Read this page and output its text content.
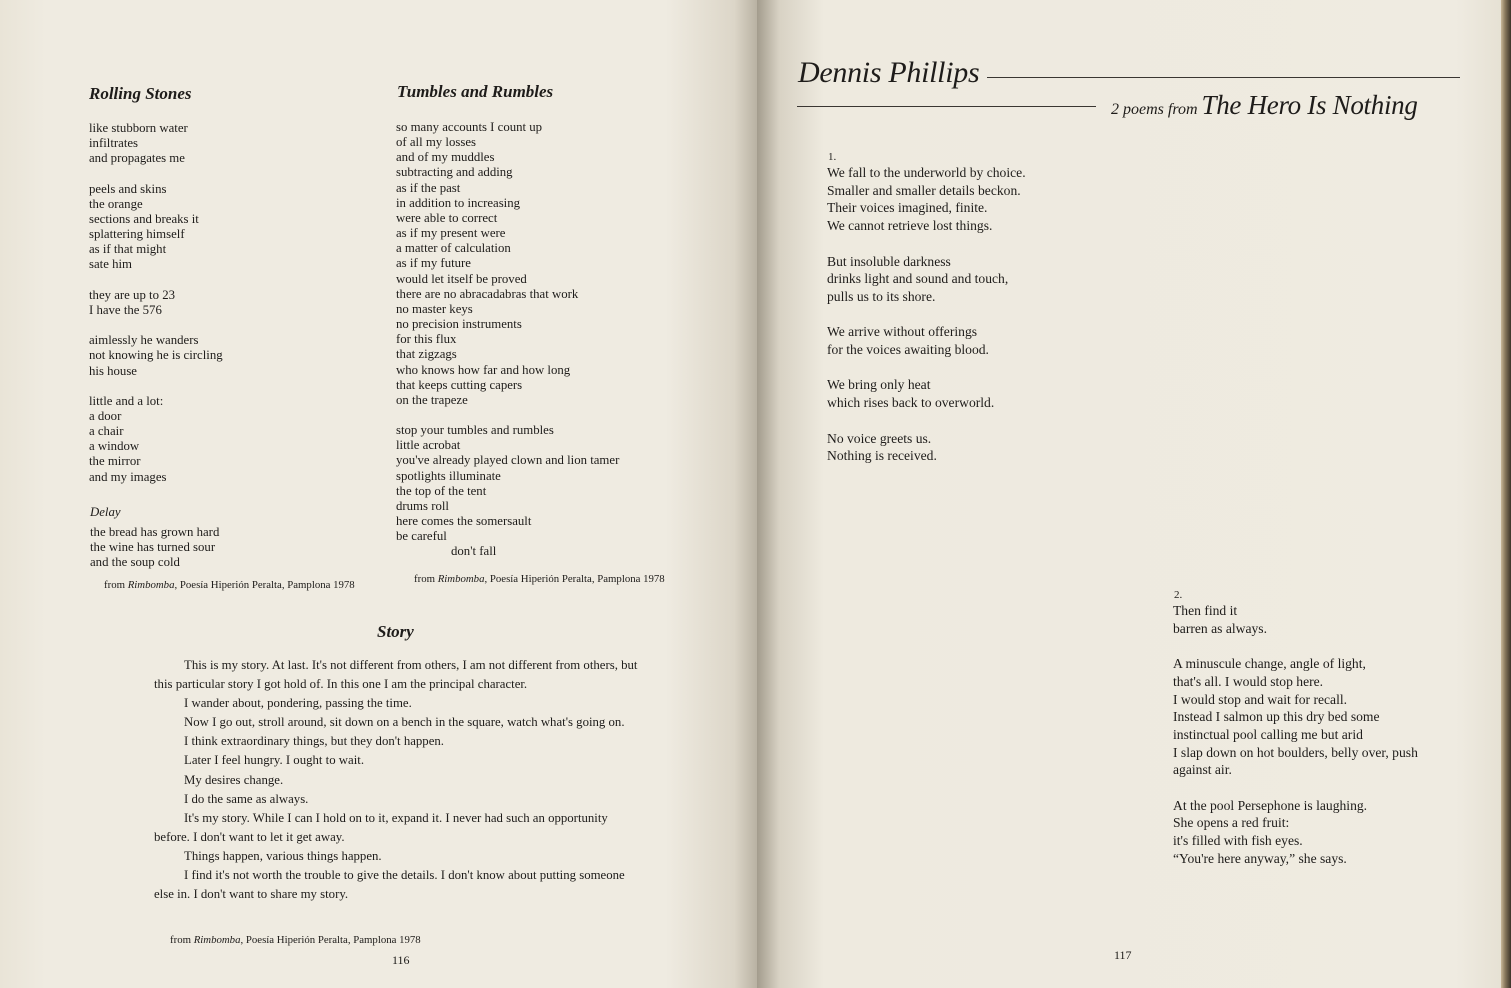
Rolling Stones
like stubborn water
infiltrates
and propagates me

peels and skins
the orange
sections and breaks it
splattering himself
as if that might
sate him

they are up to 23
I have the 576

aimlessly he wanders
not knowing he is circling
his house

little and a lot:
a door
a chair
a window
the mirror
and my images
Delay
the bread has grown hard
the wine has turned sour
and the soup cold
from Rimbomba, Poesía Hiperión Peralta, Pamplona 1978
Tumbles and Rumbles
so many accounts I count up
of all my losses
and of my muddles
subtracting and adding
as if the past
in addition to increasing
were able to correct
as if my present were
a matter of calculation
as if my future
would let itself be proved
there are no abracadabras that work
no master keys
no precision instruments
for this flux
that zigzags
who knows how far and how long
that keeps cutting capers
on the trapeze

stop your tumbles and rumbles
little acrobat
you've already played clown and lion tamer
spotlights illuminate
the top of the tent
drums roll
here comes the somersault
be careful
don't fall
from Rimbomba, Poesía Hiperión Peralta, Pamplona 1978
Story

This is my story. At last. It's not different from others, I am not different from others, but this particular story I got hold of. In this one I am the principal character.

I wander about, pondering, passing the time.

Now I go out, stroll around, sit down on a bench in the square, watch what's going on.

I think extraordinary things, but they don't happen.

Later I feel hungry. I ought to wait.

My desires change.

I do the same as always.

It's my story. While I can I hold on to it, expand it. I never had such an opportunity before. I don't want to let it get away.

Things happen, various things happen.

I find it's not worth the trouble to give the details. I don't know about putting someone else in. I don't want to share my story.

from Rimbomba, Poesía Hiperión Peralta, Pamplona 1978
116
Dennis Phillips
2 poems from The Hero Is Nothing
1.
We fall to the underworld by choice.
Smaller and smaller details beckon.
Their voices imagined, finite.
We cannot retrieve lost things.

But insoluble darkness
drinks light and sound and touch,
pulls us to its shore.

We arrive without offerings
for the voices awaiting blood.

We bring only heat
which rises back to overworld.

No voice greets us.
Nothing is received.
2.
Then find it
barren as always.

A minuscule change, angle of light,
that's all. I would stop here.
I would stop and wait for recall.
Instead I salmon up this dry bed some
instinctual pool calling me but arid
I slap down on hot boulders, belly over, push
against air.

At the pool Persephone is laughing.
She opens a red fruit:
it's filled with fish eyes.
“You're here anyway,” she says.
117
